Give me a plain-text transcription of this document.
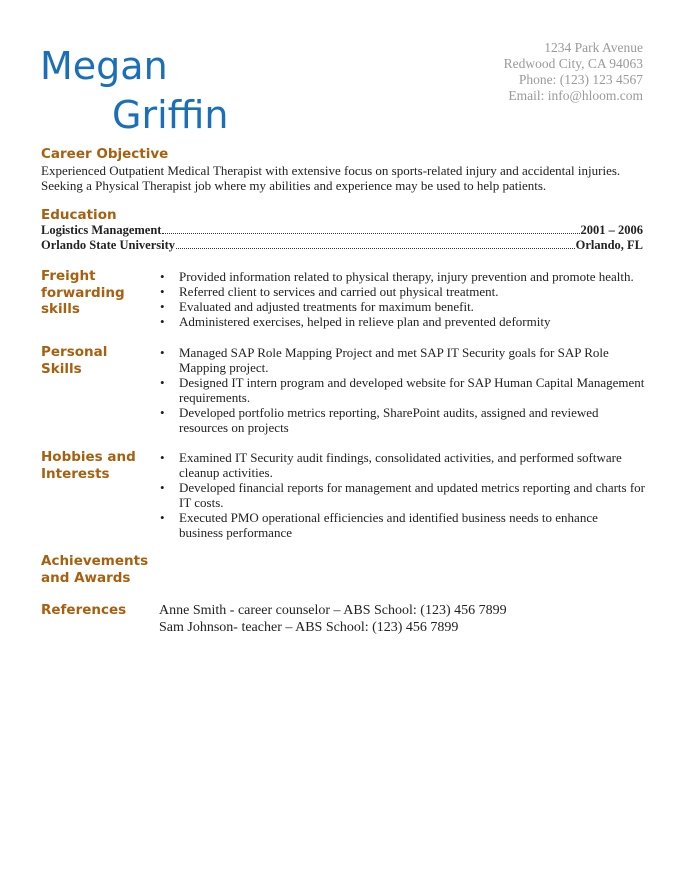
Megan
Griffin
1234 Park Avenue
Redwood City, CA 94063
Phone: (123) 123 4567
Email: info@hloom.com
Career Objective
Experienced Outpatient Medical Therapist with extensive focus on sports-related injury and accidental injuries.
Seeking a Physical Therapist job where my abilities and experience may be used to help patients.
Education
Logistics Management	2001 – 2006
Orlando State University	Orlando, FL
Freight
forwarding
skills
• Provided information related to physical therapy, injury prevention and promote health.
• Referred client to services and carried out physical treatment.
• Evaluated and adjusted treatments for maximum benefit.
• Administered exercises, helped in relieve plan and prevented deformity
Personal
Skills
• Managed SAP Role Mapping Project and met SAP IT Security goals for SAP Role Mapping project.
• Designed IT intern program and developed website for SAP Human Capital Management requirements.
• Developed portfolio metrics reporting, SharePoint audits, assigned and reviewed resources on projects
Hobbies and
Interests
• Examined IT Security audit findings, consolidated activities, and performed software cleanup activities.
• Developed financial reports for management and updated metrics reporting and charts for IT costs.
• Executed PMO operational efficiencies and identified business needs to enhance business performance
Achievements
and Awards
References Anne Smith - career counselor – ABS School: (123) 456 7899
Sam Johnson- teacher – ABS School: (123) 456 7899
